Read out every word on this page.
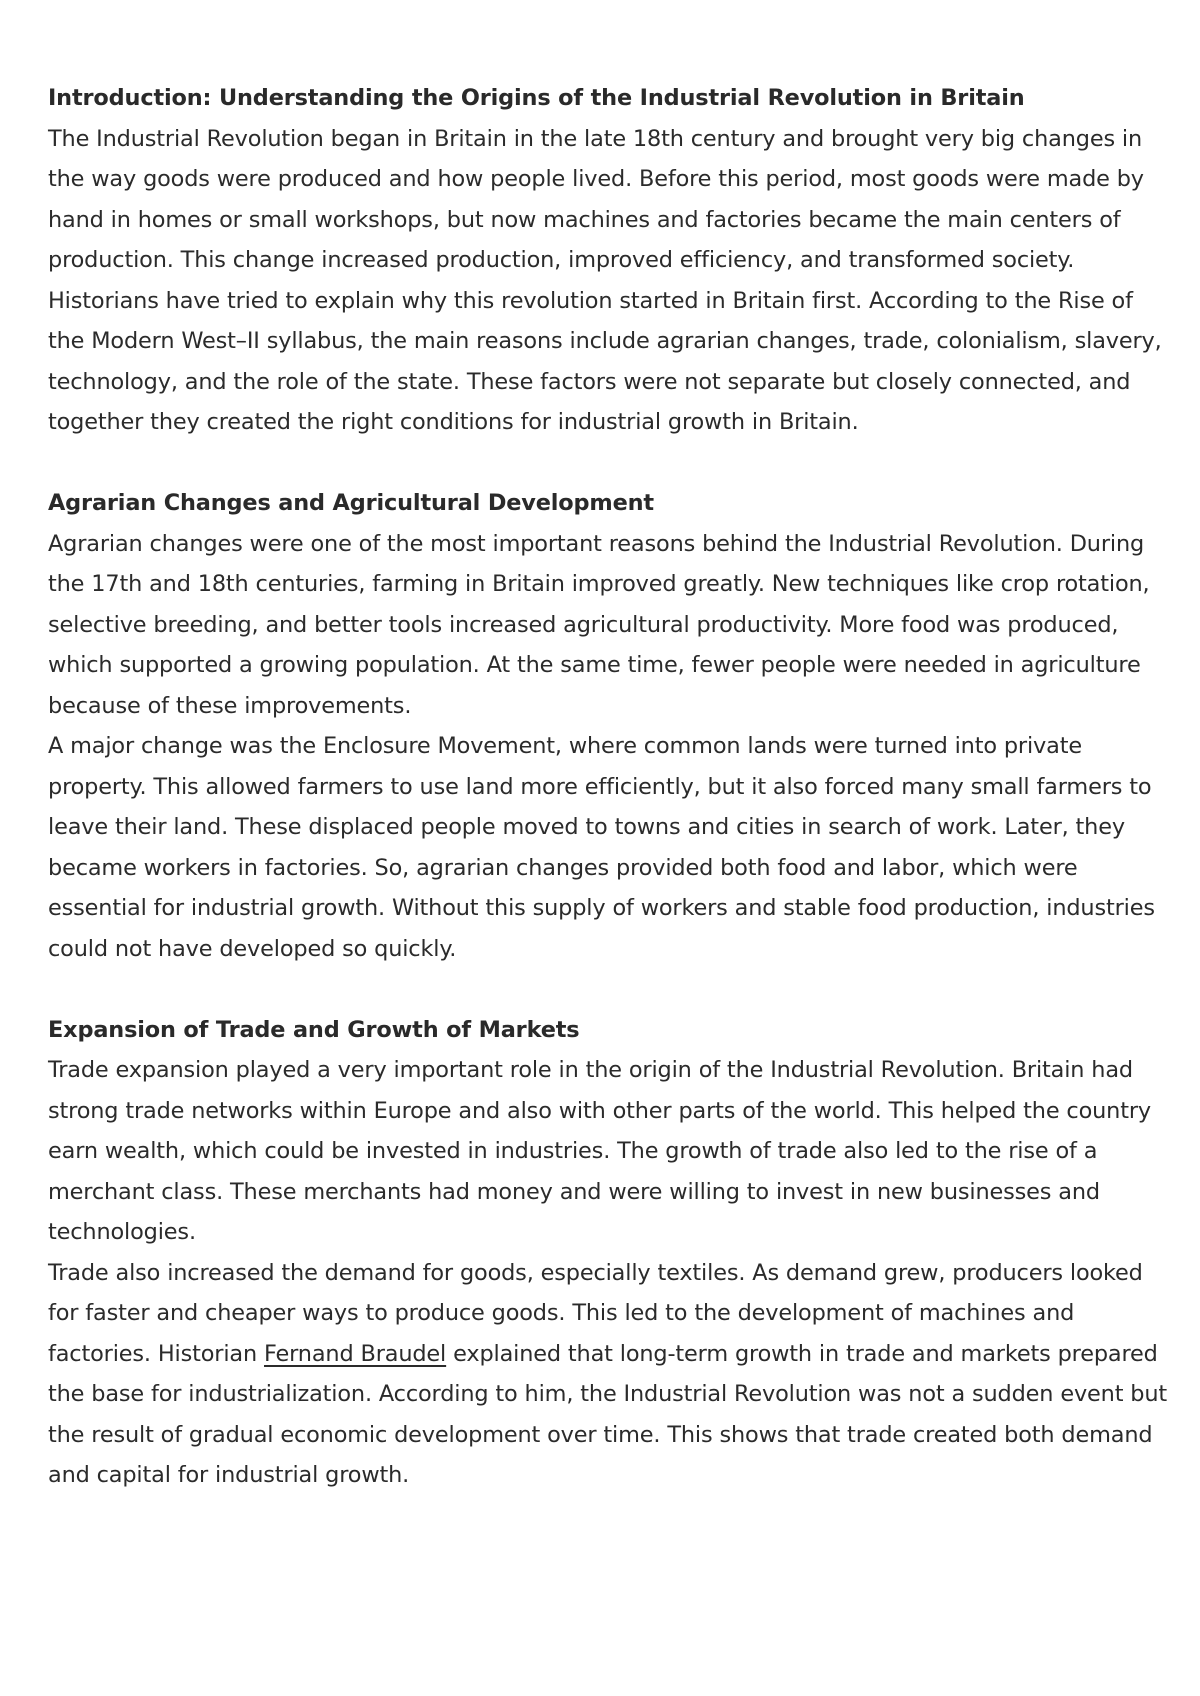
Introduction: Understanding the Origins of the Industrial Revolution in Britain

The Industrial Revolution began in Britain in the late 18th century and brought very big changes in the way goods were produced and how people lived. Before this period, most goods were made by hand in homes or small workshops, but now machines and factories became the main centers of production. This change increased production, improved efficiency, and transformed society. Historians have tried to explain why this revolution started in Britain first. According to the Rise of the Modern West–II syllabus, the main reasons include agrarian changes, trade, colonialism, slavery, technology, and the role of the state. These factors were not separate but closely connected, and together they created the right conditions for industrial growth in Britain.

Agrarian Changes and Agricultural Development

Agrarian changes were one of the most important reasons behind the Industrial Revolution. During the 17th and 18th centuries, farming in Britain improved greatly. New techniques like crop rotation, selective breeding, and better tools increased agricultural productivity. More food was produced, which supported a growing population. At the same time, fewer people were needed in agriculture because of these improvements.

A major change was the Enclosure Movement, where common lands were turned into private property. This allowed farmers to use land more efficiently, but it also forced many small farmers to leave their land. These displaced people moved to towns and cities in search of work. Later, they became workers in factories. So, agrarian changes provided both food and labor, which were essential for industrial growth. Without this supply of workers and stable food production, industries could not have developed so quickly.

Expansion of Trade and Growth of Markets

Trade expansion played a very important role in the origin of the Industrial Revolution. Britain had strong trade networks within Europe and also with other parts of the world. This helped the country earn wealth, which could be invested in industries. The growth of trade also led to the rise of a merchant class. These merchants had money and were willing to invest in new businesses and technologies.

Trade also increased the demand for goods, especially textiles. As demand grew, producers looked for faster and cheaper ways to produce goods. This led to the development of machines and factories. Historian Fernand Braudel explained that long-term growth in trade and markets prepared the base for industrialization. According to him, the Industrial Revolution was not a sudden event but the result of gradual economic development over time. This shows that trade created both demand and capital for industrial growth.
